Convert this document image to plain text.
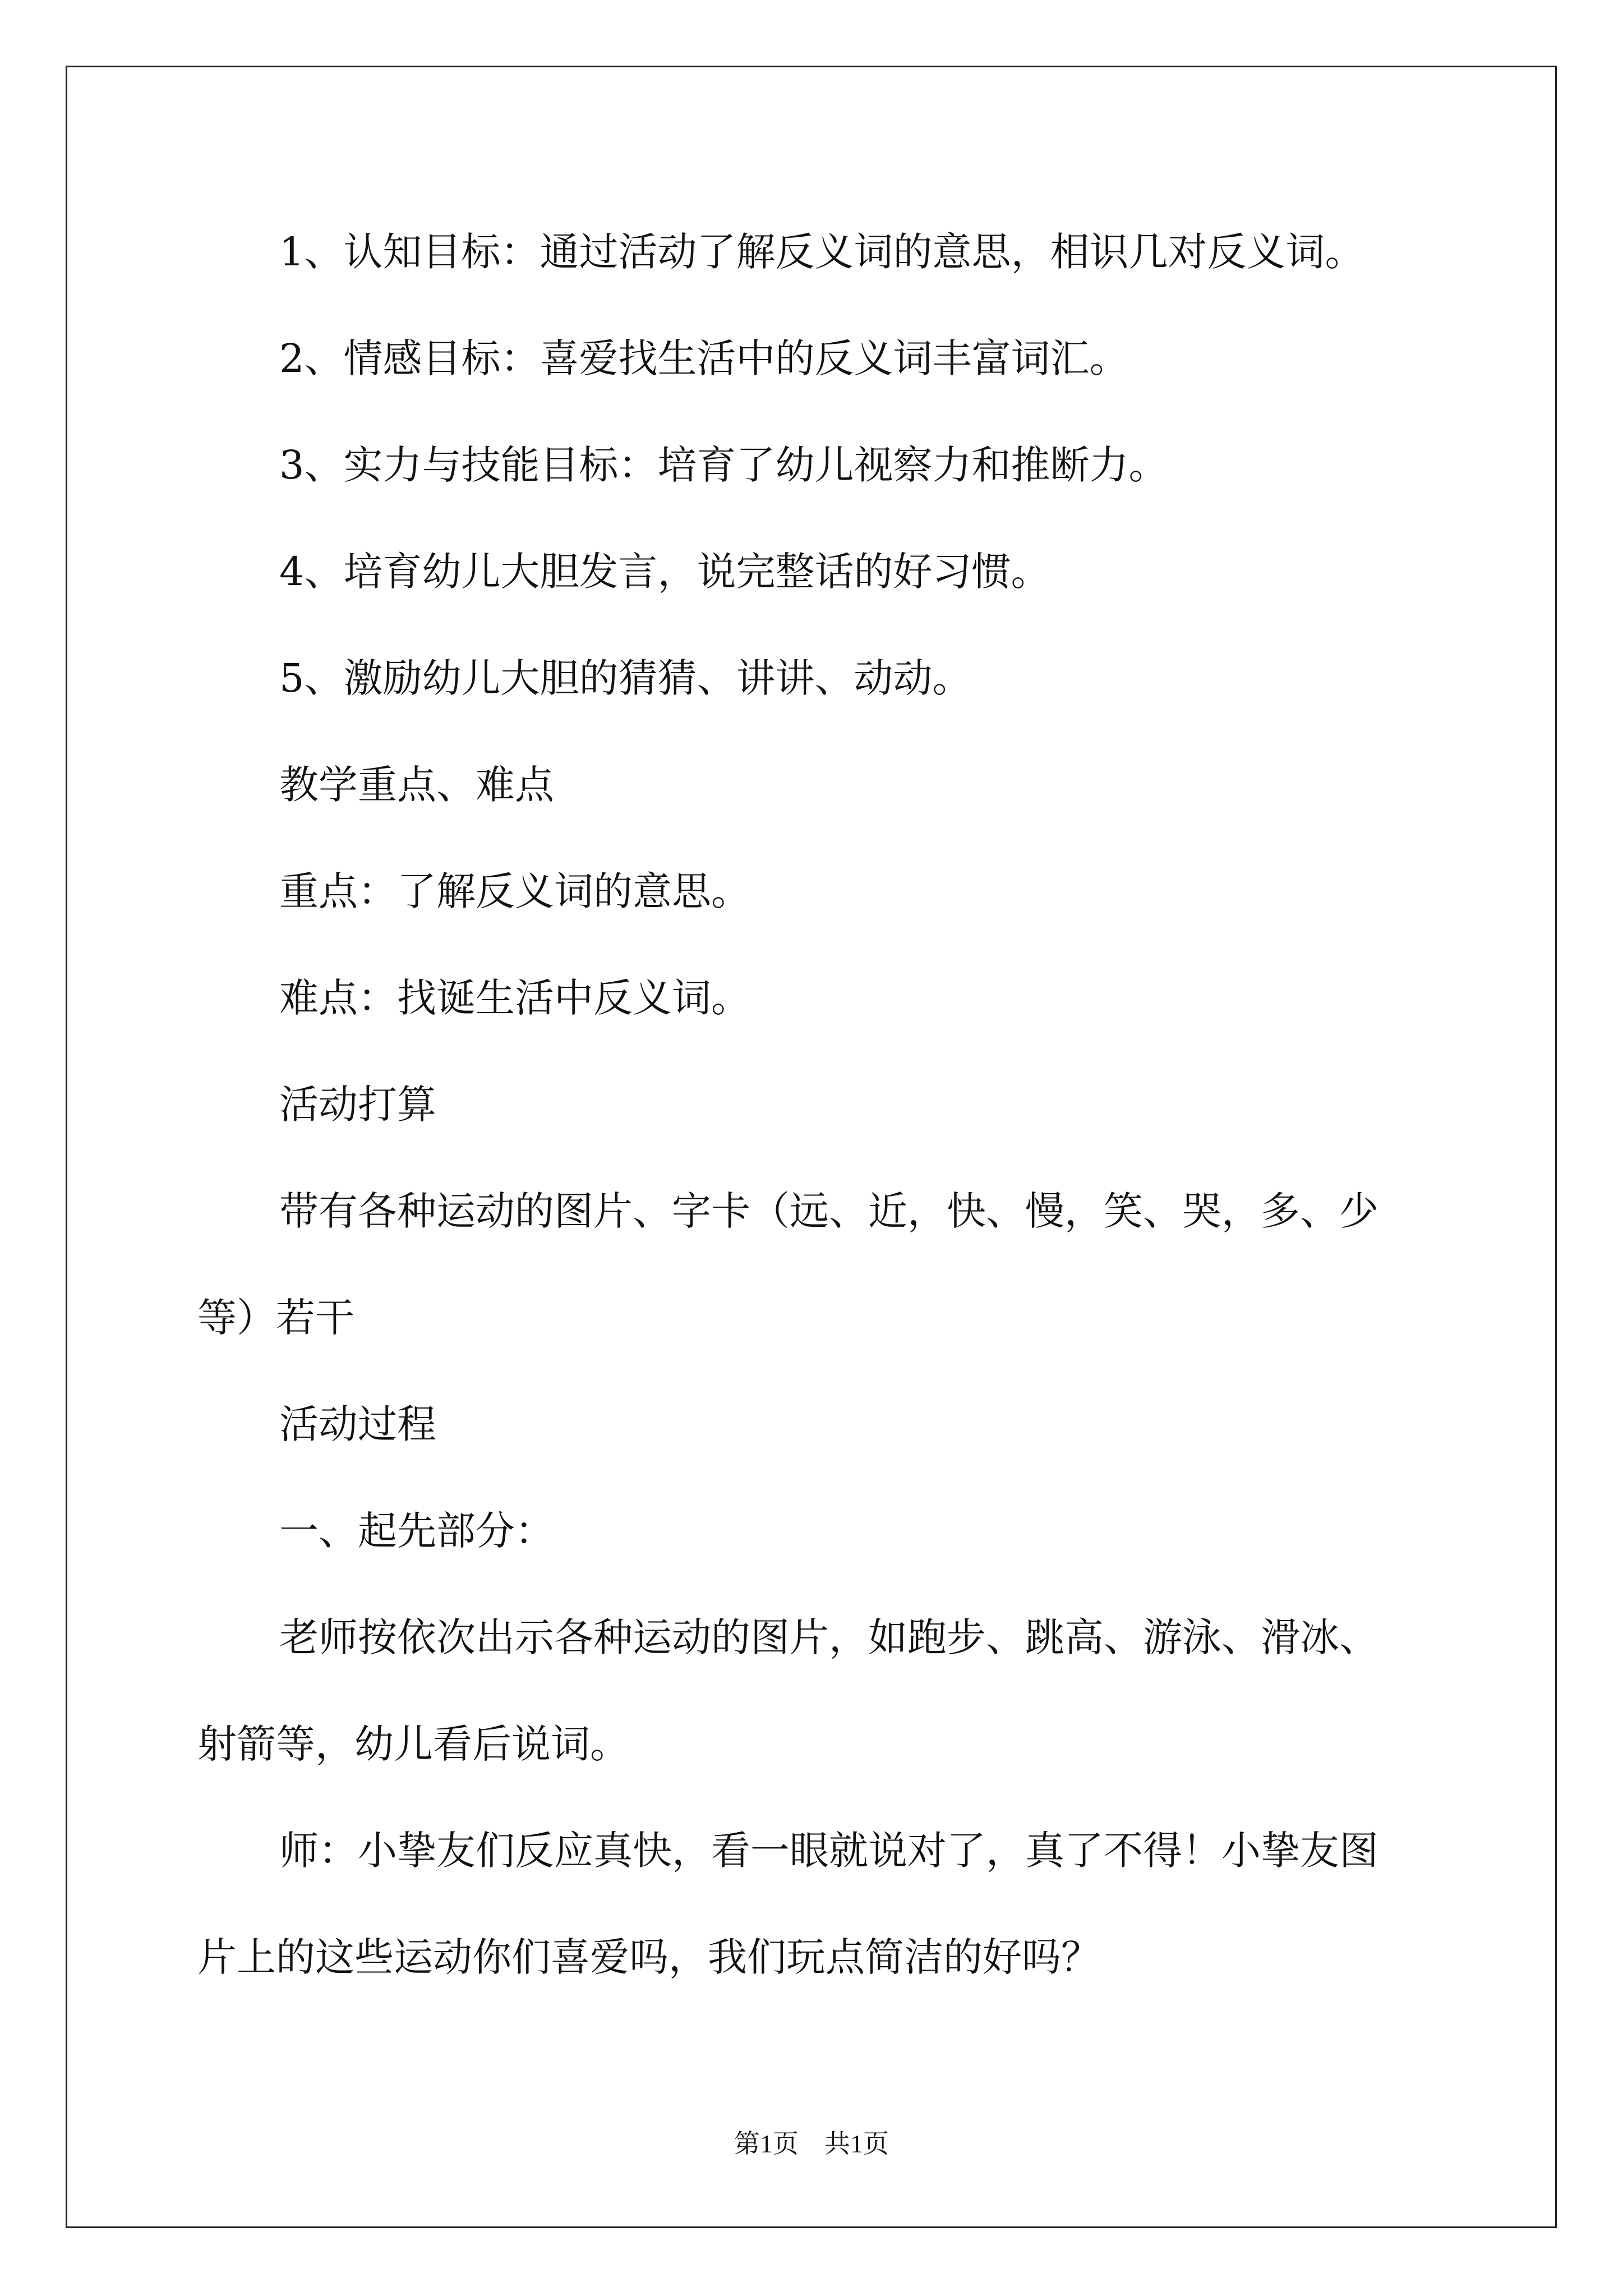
1、认知目标：通过活动了解反义词的意思，相识几对反义词。
2、情感目标：喜爱找生活中的反义词丰富词汇。
3、实力与技能目标：培育了幼儿视察力和推断力。
4、培育幼儿大胆发言，说完整话的好习惯。
5、激励幼儿大胆的猜猜、讲讲、动动。
教学重点、难点
重点：了解反义词的意思。
难点：找诞生活中反义词。
活动打算
带有各种运动的图片、字卡（远、近，快、慢，笑、哭，多、少
等）若干
活动过程
一、起先部分：
老师按依次出示各种运动的图片，如跑步、跳高、游泳、滑冰、
射箭等，幼儿看后说词。
师：小挚友们反应真快，看一眼就说对了，真了不得！小挚友图
片上的这些运动你们喜爱吗，我们玩点简洁的好吗？
第1页　共1页
